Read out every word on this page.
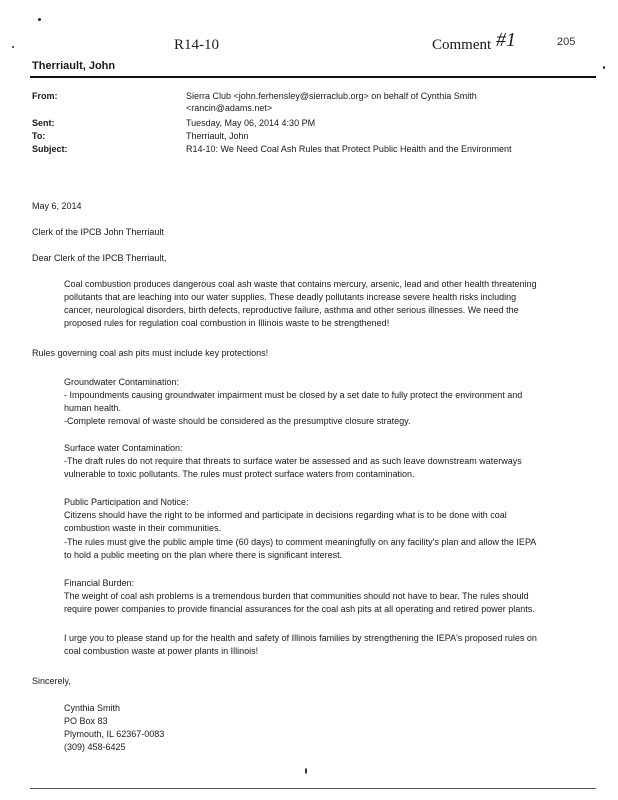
R14-10	Comment #1	205
Therriault, John
From:	Sierra Club <john.ferhensley@sierraclub.org> on behalf of Cynthia Smith
<rancin@adams.net>
Sent:	Tuesday, May 06, 2014 4:30 PM
To:	Therriault, John
Subject:	R14-10: We Need Coal Ash Rules that Protect Public Health and the Environment
May 6, 2014
Clerk of the IPCB John Therriault
Dear Clerk of the IPCB Therriault,
Coal combustion produces dangerous coal ash waste that contains mercury, arsenic, lead and other health threatening
pollutants that are leaching into our water supplies. These deadly pollutants increase severe health risks including
cancer, neurological disorders, birth defects, reproductive failure, asthma and other serious illnesses. We need the
proposed rules for regulation coal combustion in Illinois waste to be strengthened!
Rules governing coal ash pits must include key protections!
Groundwater Contamination:
- Impoundments causing groundwater impairment must be closed by a set date to fully protect the environment and
human health.
-Complete removal of waste should be considered as the presumptive closure strategy.
Surface water Contamination:
-The draft rules do not require that threats to surface water be assessed and as such leave downstream waterways
vulnerable to toxic pollutants. The rules must protect surface waters from contamination.
Public Participation and Notice:
Citizens should have the right to be informed and participate in decisions regarding what is to be done with coal
combustion waste in their communities.
-The rules must give the public ample time (60 days) to comment meaningfully on any facility's plan and allow the IEPA
to hold a public meeting on the plan where there is significant interest.
Financial Burden:
The weight of coal ash problems is a tremendous burden that communities should not have to bear. The rules should
require power companies to provide financial assurances for the coal ash pits at all operating and retired power plants.
I urge you to please stand up for the health and safety of Illinois families by strengthening the IEPA's proposed rules on
coal combustion waste at power plants in Illinois!
Sincerely,
Cynthia Smith
PO Box 83
Plymouth, IL 62367-0083
(309) 458-6425
